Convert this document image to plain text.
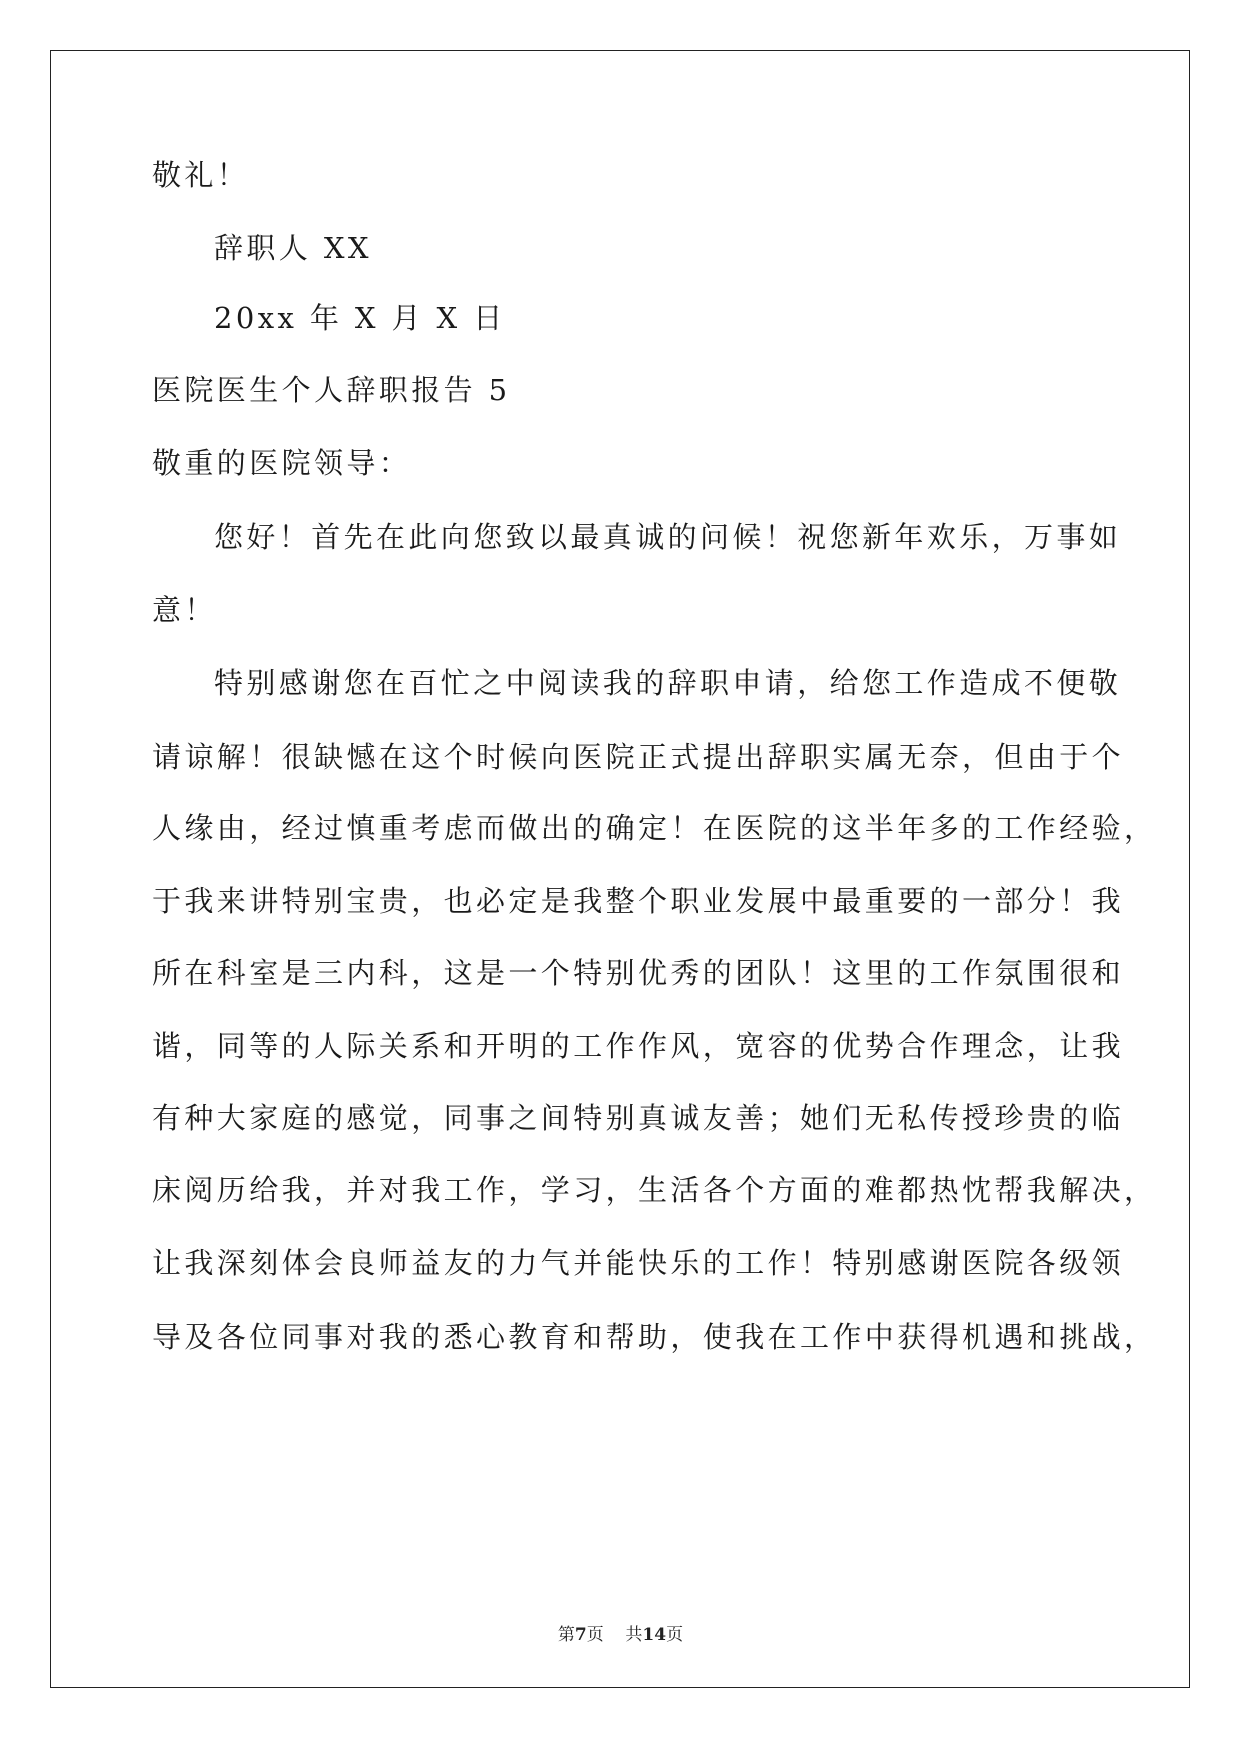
敬礼！
辞职人 XX
20xx 年 X 月 X 日
医院医生个人辞职报告 5
敬重的医院领导：
您好！首先在此向您致以最真诚的问候！祝您新年欢乐，万事如
意！
特别感谢您在百忙之中阅读我的辞职申请，给您工作造成不便敬
请谅解！很缺憾在这个时候向医院正式提出辞职实属无奈，但由于个
人缘由，经过慎重考虑而做出的确定！在医院的这半年多的工作经验，
于我来讲特别宝贵，也必定是我整个职业发展中最重要的一部分！我
所在科室是三内科，这是一个特别优秀的团队！这里的工作氛围很和
谐，同等的人际关系和开明的工作作风，宽容的优势合作理念，让我
有种大家庭的感觉，同事之间特别真诚友善；她们无私传授珍贵的临
床阅历给我，并对我工作，学习，生活各个方面的难都热忱帮我解决，
让我深刻体会良师益友的力气并能快乐的工作！特别感谢医院各级领
导及各位同事对我的悉心教育和帮助，使我在工作中获得机遇和挑战，
第7页 共14页
